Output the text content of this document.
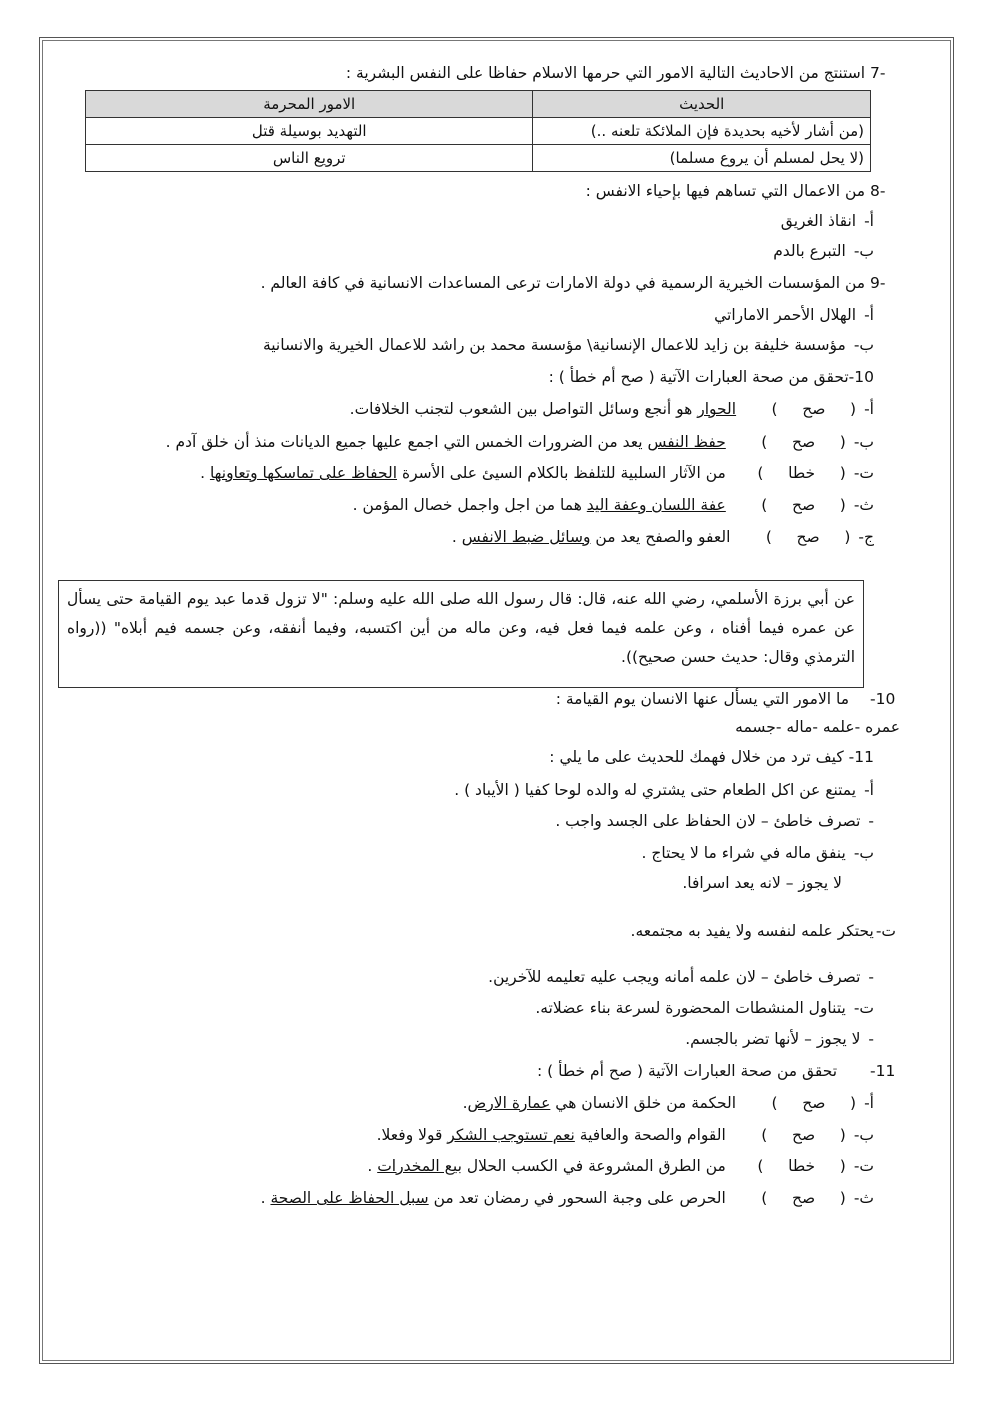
-7 استنتج من الاحاديث التالية الامور التي حرمها الاسلام حفاظا على النفس البشرية :
الحديث	الامور المحرمة
(من أشار لأخيه بحديدة فإن الملائكة تلعنه ..)	التهديد بوسيلة قتل
(لا يحل لمسلم أن يروع مسلما)	ترويع الناس
-8 من الاعمال التي تساهم فيها بإحياء الانفس :
أ-انقاذ الغريق
ب-التبرع بالدم
-9 من المؤسسات الخيرية الرسمية في دولة الامارات ترعى المساعدات الانسانية في كافة العالم .
أ-الهلال الأحمر الاماراتي
ب-مؤسسة خليفة بن زايد للاعمال الإنسانية\ مؤسسة محمد بن راشد للاعمال الخيرية والانسانية
10-تحقق من صحة العبارات الآتية ( صح أم خطأ ) :
أ-(     صح     )الحوار هو أنجع وسائل التواصل بين الشعوب لتجنب الخلافات.
ب-(     صح     )حفظ النفس يعد من الضرورات الخمس التي اجمع عليها جميع الديانات منذ أن خلق آدم .
ت-(     خطا     )من الآثار السلبية للتلفظ بالكلام السيئ على الأسرة الحفاظ على تماسكها وتعاونها .
ث-(     صح     )عفة اللسان وعفة اليد هما من اجل واجمل خصال المؤمن .
ج-(     صح     )العفو والصفح يعد من وسائل ضبط الانفس .
عن أبي برزة الأسلمي، رضي الله عنه، قال: قال رسول الله صلى الله عليه وسلم: "لا تزول قدما عبد يوم القيامة حتى يسأل عن عمره فيما أفناه ، وعن علمه فيما فعل فيه، وعن ماله من أين اكتسبه، وفيما أنفقه، وعن جسمه فيم أبلاه" ((رواه الترمذي وقال: حديث حسن صحيح)).
10- ما الامور التي يسأل عنها الانسان يوم القيامة :
عمره -علمه -ماله -جسمه
11- كيف ترد من خلال فهمك للحديث على ما يلي :
أ-يمتنع عن اكل الطعام حتى يشتري له والده لوحا كفيا ( الأيباد ) .
-تصرف خاطئ – لان الحفاظ على الجسد واجب .
ب-ينفق ماله في شراء ما لا يحتاج .
لا يجوز – لانه يعد اسرافا.
ت-يحتكر علمه لنفسه ولا يفيد به مجتمعه.
-تصرف خاطئ – لان علمه أمانه ويجب عليه تعليمه للآخرين.
ت-يتناول المنشطات المحضورة لسرعة بناء عضلاته.
-لا يجوز – لأنها تضر بالجسم.
11- تحقق من صحة العبارات الآتية ( صح أم خطأ ) :
أ-(     صح     )الحكمة من خلق الانسان هي عمارة الارض.
ب-(     صح     )القوام والصحة والعافية نعم تستوجب الشكر قولا وفعلا.
ت-(     خطا     )من الطرق المشروعة في الكسب الحلال بيع المخدرات .
ث-(     صح     )الحرص على وجبة السحور في رمضان تعد من سبل الحفاظ على الصحة .
